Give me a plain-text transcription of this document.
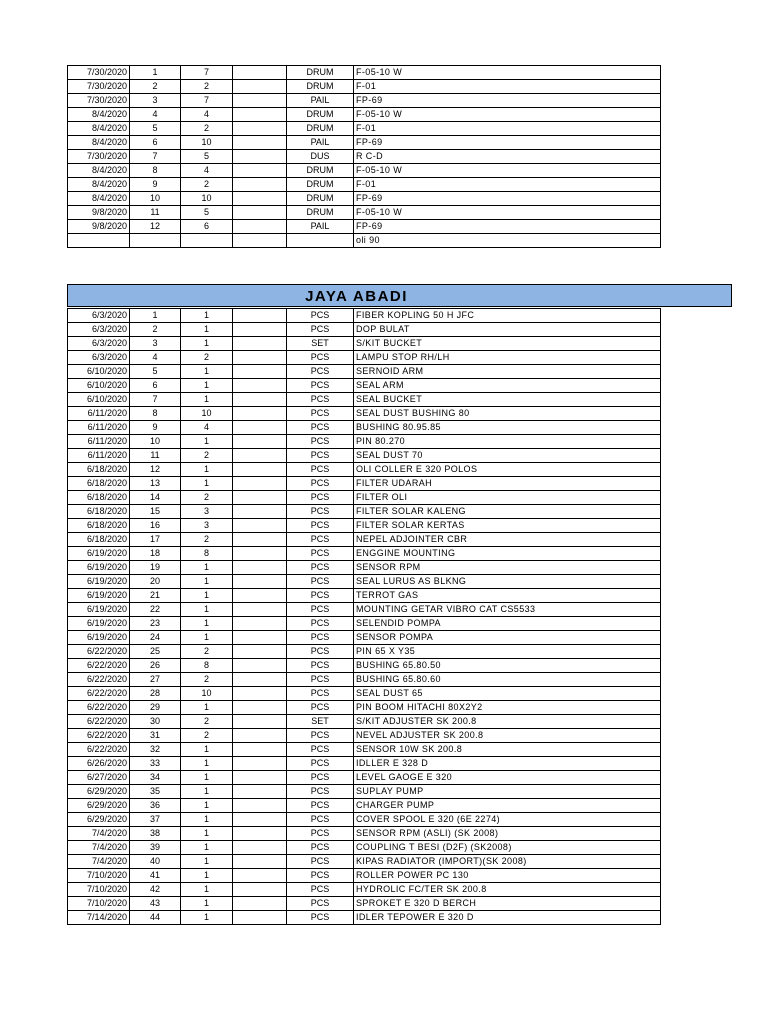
7/30/2020	1	7		DRUM	F-05-10 W
7/30/2020	2	2		DRUM	F-01
7/30/2020	3	7		PAIL	FP-69
8/4/2020	4	4		DRUM	F-05-10 W
8/4/2020	5	2		DRUM	F-01
8/4/2020	6	10		PAIL	FP-69
7/30/2020	7	5		DUS	R C-D
8/4/2020	8	4		DRUM	F-05-10 W
8/4/2020	9	2		DRUM	F-01
8/4/2020	10	10		DRUM	FP-69
9/8/2020	11	5		DRUM	F-05-10 W
9/8/2020	12	6		PAIL	FP-69
					oli 90
JAYA ABADI
6/3/2020	1	1		PCS	FIBER KOPLING 50 H JFC
6/3/2020	2	1		PCS	DOP BULAT
6/3/2020	3	1		SET	S/KIT BUCKET
6/3/2020	4	2		PCS	LAMPU STOP RH/LH
6/10/2020	5	1		PCS	SERNOID ARM
6/10/2020	6	1		PCS	SEAL ARM
6/10/2020	7	1		PCS	SEAL BUCKET
6/11/2020	8	10		PCS	SEAL DUST BUSHING 80
6/11/2020	9	4		PCS	BUSHING 80.95.85
6/11/2020	10	1		PCS	PIN 80.270
6/11/2020	11	2		PCS	SEAL DUST 70
6/18/2020	12	1		PCS	OLI COLLER E 320 POLOS
6/18/2020	13	1		PCS	FILTER UDARAH
6/18/2020	14	2		PCS	FILTER OLI
6/18/2020	15	3		PCS	FILTER SOLAR KALENG
6/18/2020	16	3		PCS	FILTER SOLAR KERTAS
6/18/2020	17	2		PCS	NEPEL ADJOINTER CBR
6/19/2020	18	8		PCS	ENGGINE MOUNTING
6/19/2020	19	1		PCS	SENSOR RPM
6/19/2020	20	1		PCS	SEAL LURUS AS BLKNG
6/19/2020	21	1		PCS	TERROT GAS
6/19/2020	22	1		PCS	MOUNTING GETAR VIBRO CAT CS5533
6/19/2020	23	1		PCS	SELENDID POMPA
6/19/2020	24	1		PCS	SENSOR POMPA
6/22/2020	25	2		PCS	PIN 65 X Y35
6/22/2020	26	8		PCS	BUSHING 65.80.50
6/22/2020	27	2		PCS	BUSHING 65.80.60
6/22/2020	28	10		PCS	SEAL DUST 65
6/22/2020	29	1		PCS	PIN BOOM HITACHI 80X2Y2
6/22/2020	30	2		SET	S/KIT ADJUSTER SK 200.8
6/22/2020	31	2		PCS	NEVEL ADJUSTER SK 200.8
6/22/2020	32	1		PCS	SENSOR 10W SK 200.8
6/26/2020	33	1		PCS	IDLLER E 328 D
6/27/2020	34	1		PCS	LEVEL GAOGE E 320
6/29/2020	35	1		PCS	SUPLAY PUMP
6/29/2020	36	1		PCS	CHARGER PUMP
6/29/2020	37	1		PCS	COVER SPOOL E 320 (6E 2274)
7/4/2020	38	1		PCS	SENSOR RPM (ASLI) (SK 2008)
7/4/2020	39	1		PCS	COUPLING T BESI (D2F) (SK2008)
7/4/2020	40	1		PCS	KIPAS RADIATOR (IMPORT)(SK 2008)
7/10/2020	41	1		PCS	ROLLER POWER PC 130
7/10/2020	42	1		PCS	HYDROLIC FC/TER SK 200.8
7/10/2020	43	1		PCS	SPROKET E 320 D BERCH
7/14/2020	44	1		PCS	IDLER TEPOWER E 320 D
